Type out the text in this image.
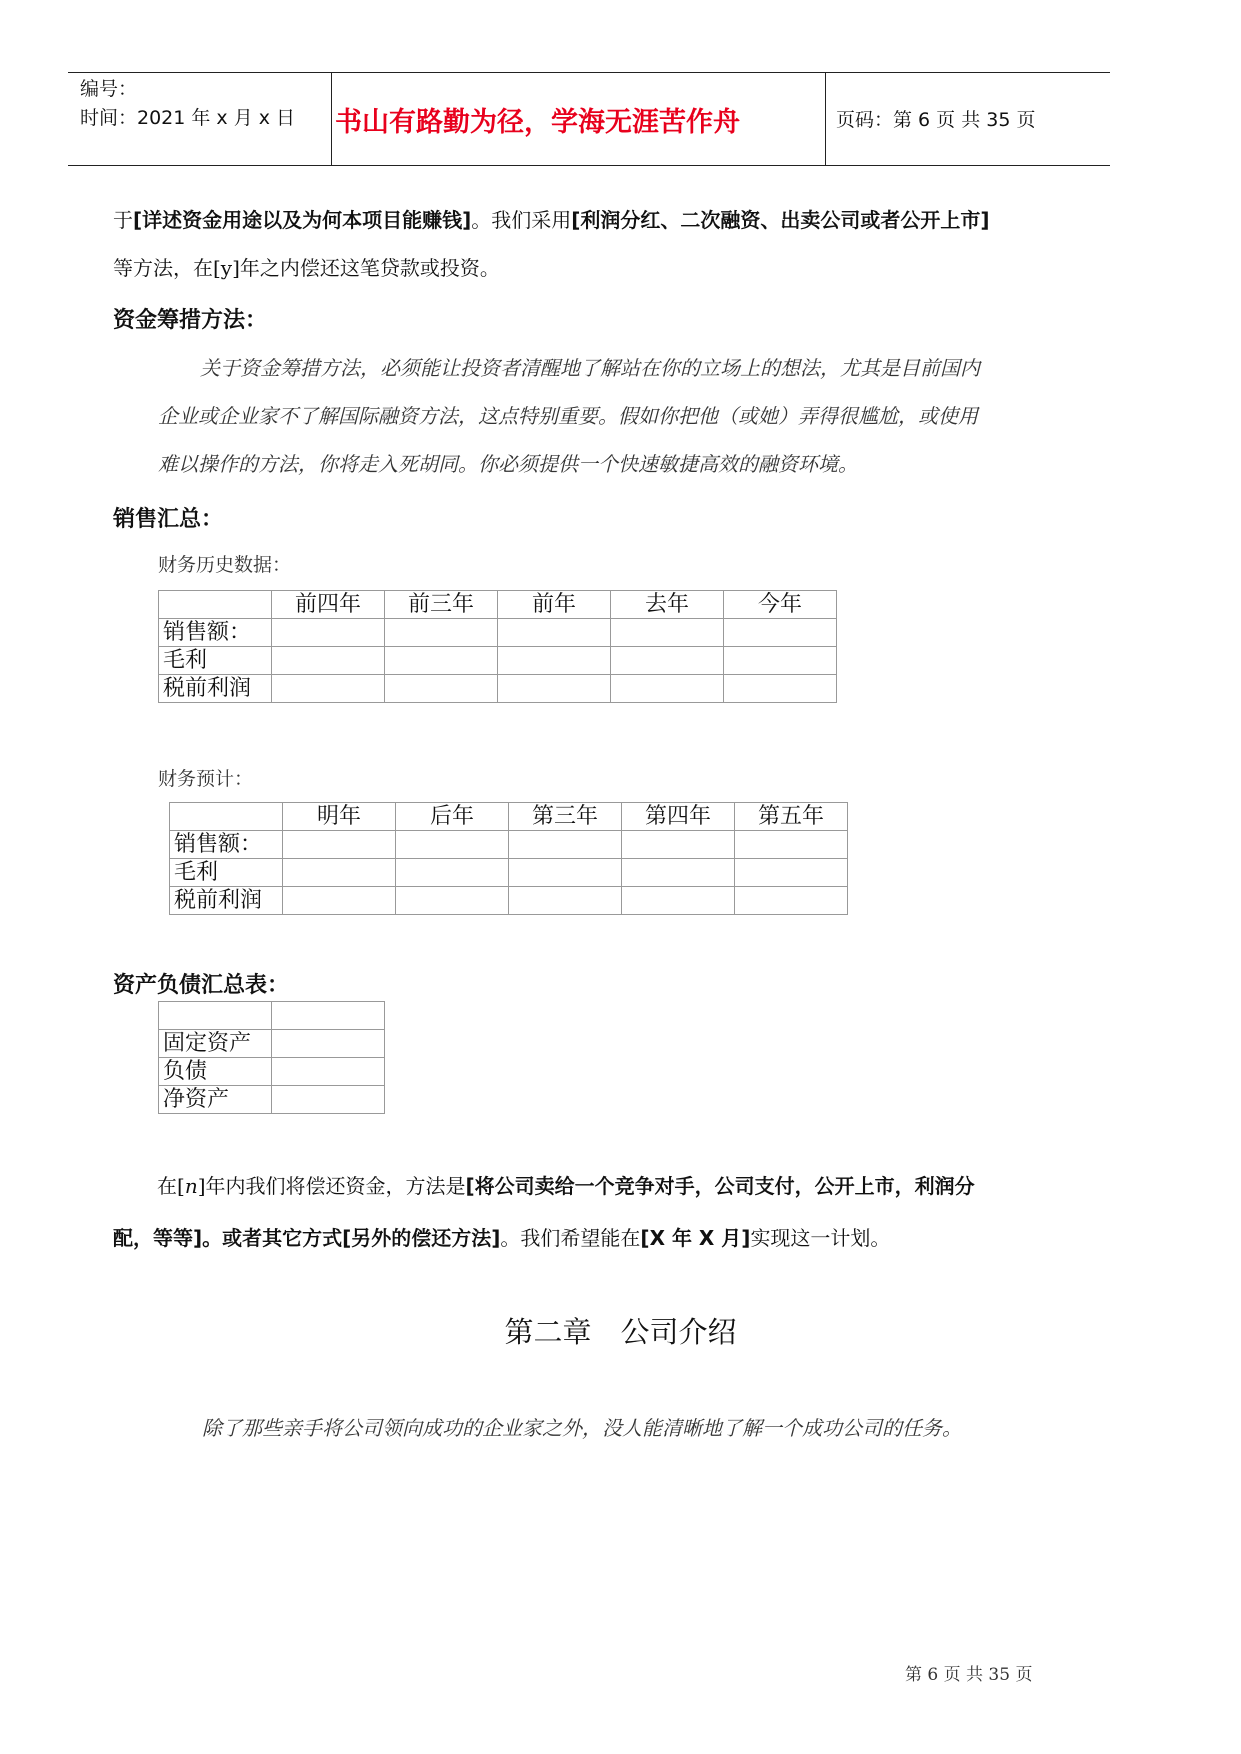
编号：
时间：2021 年 x 月 x 日 书山有路勤为径，学海无涯苦作舟	页码：第 6 页 共 35 页
于[详述资金用途以及为何本项目能赚钱]。我们采用[利润分红、二次融资、出卖公司或者公开上市]
等方法，在[y]年之内偿还这笔贷款或投资。
资金筹措方法：
关于资金筹措方法，必须能让投资者清醒地了解站在你的立场上的想法，尤其是目前国内
企业或企业家不了解国际融资方法，这点特别重要。假如你把他（或她）弄得很尴尬，或使用
难以操作的方法，你将走入死胡同。你必须提供一个快速敏捷高效的融资环境。
销售汇总：
财务历史数据：
	前四年	前三年	前年	去年	今年
销售额：					
毛利					
税前利润					
财务预计：
	明年	后年	第三年	第四年	第五年
销售额：					
毛利					
税前利润					
资产负债汇总表：

固定资产	
负债	
净资产	
在[n]年内我们将偿还资金，方法是[将公司卖给一个竞争对手，公司支付，公开上市，利润分
配，等等]。或者其它方式[另外的偿还方法]。我们希望能在[X 年 X 月]实现这一计划。
第二章　公司介绍
除了那些亲手将公司领向成功的企业家之外，没人能清晰地了解一个成功公司的任务。
第 6 页 共 35 页
